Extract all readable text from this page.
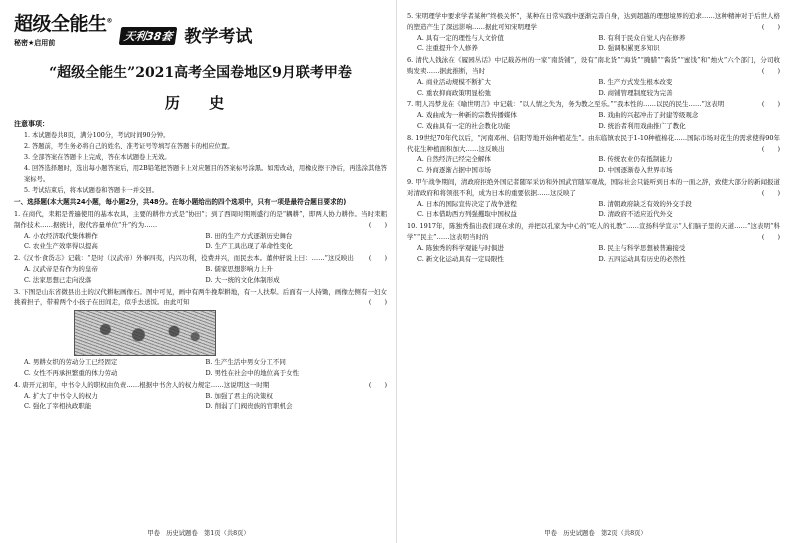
超级全能生®
秘密★启用前	天利38套 教学考试
“超级全能生”2021高考全国卷地区9月联考甲卷
历 史
注意事项：

1. 本试题卷共8页，满分100分，考试时间90分钟。

2. 答题前，考生务必将自己的姓名、准考证号等填写在答题卡的相应位置。

3. 全部答案在答题卡上完成，答在本试题卷上无效。

4. 回答选择题时，选出每小题答案后，用2B铅笔把答题卡上对应题目的答案标号涂黑。如需改动，用橡皮擦干净后，再选涂其他答案标号。

5. 考试结束后，将本试题卷和答题卡一并交回。

一、选择题(本大题共24小题，每小题2分，共48分。在每小题给出的四个选项中，只有一项是最符合题目要求的)

1. 在商代，耒耜是普遍使用的基本农具，主要的耕作方式是“协田”；到了西周时期则盛行的是“耦耕”，即两人协力耕作。当时耒耜制作技术……据统计，殷代容量单位“升”约为……	(　　)

A. 小农经济取代集体耕作	B. 田的生产方式逐渐历史舞台
C. 农业生产效率得以提高	D. 生产工具出现了革命性变化

2.《汉书·食货志》记载：“是时（汉武帝）外事四夷，内兴功利，役费并兴，而民去本。董仲舒说上曰：……”这反映出 (　　)

A. 汉武帝是有作为的皇帝	B. 儒家思想影响力上升
C. 法家思想已走向没落	D. 大一统的文化体制形成

3. 下图是山东省微县出土的汉代耕耘画像石。图中可见，画中有两牛挽犁耕地，有一人扶犁。后面有一人持锄，画像左侧有一妇女挑着担子，带着两个小孩子在田间走，似乎去送饭。由此可知	(　　)

A. 男耕女织的劳动分工已经固定	B. 生产生活中男女分工不同
C. 女性不再承担繁重的体力劳动	D. 男性在社会中的地位高于女性

4. 唐开元初年，中书令人的职权由负责……根据中书舍人的权力规定……这说明这一时期	(　　)

A. 扩大了中书令人的权力	B. 加强了君主的决策权
C. 强化了宰相执政职能	D. 削弱了门阀贵族的官职机会
甲卷　历史试题卷　第1页（共8页）

5. 宋明理学中要求学者某种“终极关怀”，某种在日常实践中逐渐完善自身，达到超越的理想境界的追求……这种精神对于后世人格的塑造产生了深远影响……据此可知宋明理学	(　　)

A. 具有一定的理性与人文价值	B. 有利于民众自觉人内在修养
C. 注重提升个人修养	D. 强调积累更多知识

6. 清代人钱泳在《履园丛话》中记载苏州的一家“南货铺”，设有“南北货”“海货”“腌腊”“酱货”“蜜饯”和“烛火”六个部门，分司收购发卖……据此推断，当时	(　　)

A. 商业活动规模不断扩大	B. 生产方式发生根本改变
C. 重农抑商政策明显松弛	D. 商铺管理制度较为完善

7. 明人冯梦龙在《喻世明言》中记载：“以人情之失为，务为教之至乐。”“我本性的……以民的民生……”这表明	(　　)

A. 戏曲成为一种新的宗教传播媒体	B. 戏曲的兴起冲击了封建等级观念
C. 戏曲具有一定的社会教化功能	D. 统治者利用戏曲推广了教化

8. 19世纪70年代以后，“河南邓州、信阳等地开始种植花生”。由东临镇农民于1-10种植棉花……国际市场对花生的需求使得90年代花生种植面积加大……这反映出	(　　)

A. 自然经济已经完全解体	B. 传统农业仍有抵制能力
C. 外商逐渐占据中国市场	D. 中国逐渐卷入世界市场

9. 甲午战争期间，清政府拒绝外国记者随军采访和外国武官随军观战，国际社会只能听到日本的一面之辞，致使大部分的新闻报道对清政府和将领很不利，成为日本的重要依据……这反映了	(　　)

A. 日本的国际宣传决定了战争进程	B. 清朝政府缺乏有效的外交手段
C. 日本借助西方列强攫取中国权益	D. 清政府不适应近代外交

10. 1917年，陈独秀指出我们现在求的，并把以孔家为中心的“吃人的礼教”……宣扬科学宣示“人们脑子里的天道……”这表明“科学”“民主”……这表明当时的	(　　)

A. 陈独秀的科学观能与时俱进	B. 民主与科学思想被普遍接受
C. 新文化运动具有一定局限性	D. 五四运动具有历史的必然性
甲卷　历史试题卷　第2页（共8页）
